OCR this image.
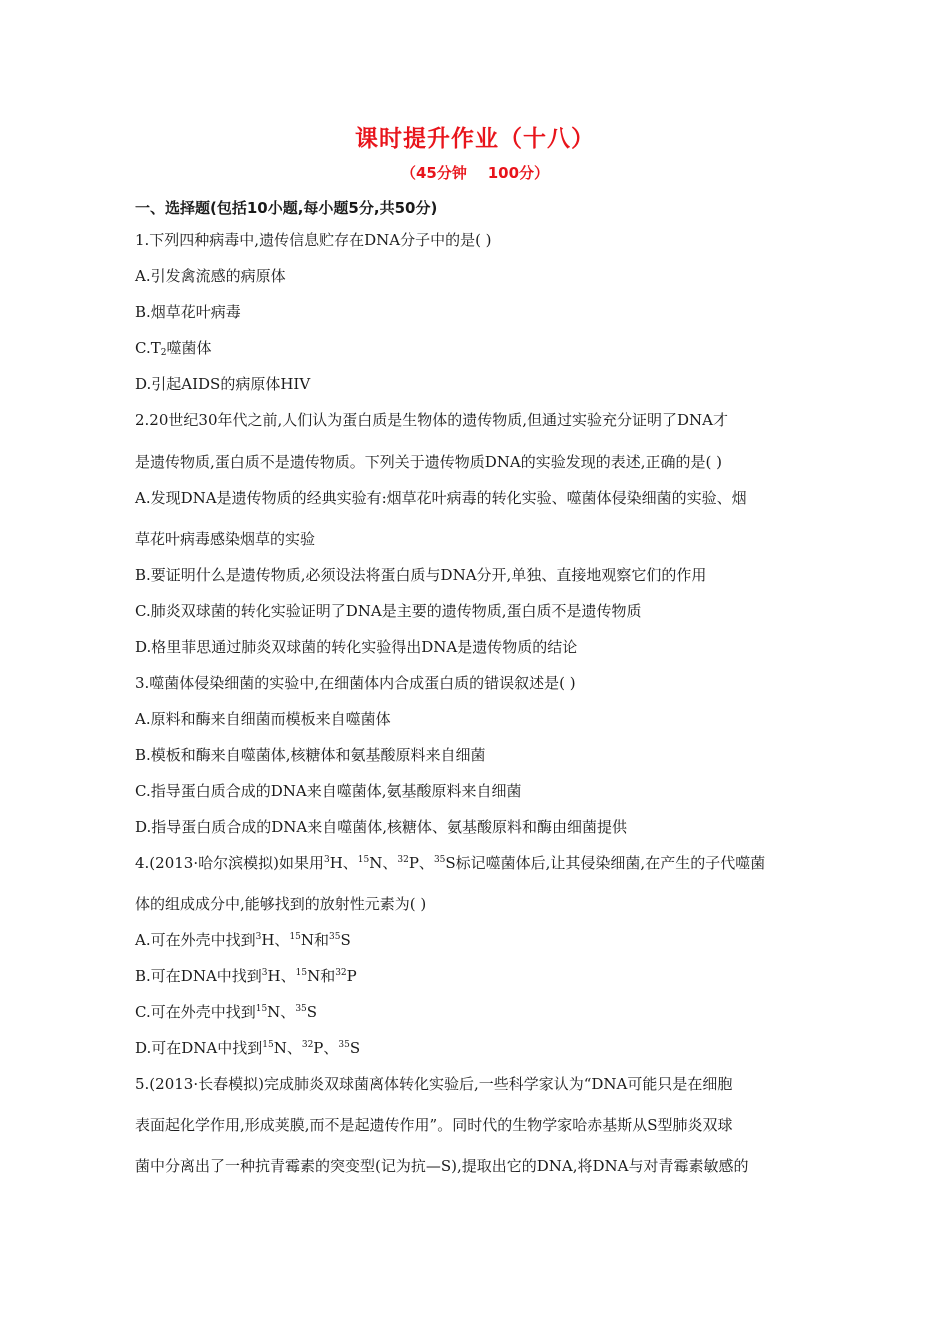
课时提升作业（十八）
（45分钟    100分）
一、选择题(包括10小题,每小题5分,共50分)
1.下列四种病毒中,遗传信息贮存在DNA分子中的是( )
A.引发禽流感的病原体
B.烟草花叶病毒
$C.T_2$噬菌体
D.引起AIDS的病原体HIV
2.20世纪30年代之前,人们认为蛋白质是生物体的遗传物质,但通过实验充分证明了DNA才
是遗传物质,蛋白质不是遗传物质。下列关于遗传物质DNA的实验发现的表述,正确的是( )
A.发现DNA是遗传物质的经典实验有:烟草花叶病毒的转化实验、噬菌体侵染细菌的实验、烟
草花叶病毒感染烟草的实验
B.要证明什么是遗传物质,必须设法将蛋白质与DNA分开,单独、直接地观察它们的作用
C.肺炎双球菌的转化实验证明了DNA是主要的遗传物质,蛋白质不是遗传物质
D.格里菲思通过肺炎双球菌的转化实验得出DNA是遗传物质的结论
3.噬菌体侵染细菌的实验中,在细菌体内合成蛋白质的错误叙述是( )
A.原料和酶来自细菌而模板来自噬菌体
B.模板和酶来自噬菌体,核糖体和氨基酸原料来自细菌
C.指导蛋白质合成的DNA来自噬菌体,氨基酸原料来自细菌
D.指导蛋白质合成的DNA来自噬菌体,核糖体、氨基酸原料和酶由细菌提供
4.(2013·哈尔滨模拟)如果用$^3$H、$^{15}$N、$^{32}$P、$^{35}$S标记噬菌体后,让其侵染细菌,在产生的子代噬菌
体的组成成分中,能够找到的放射性元素为( )
A.可在外壳中找到$^3$H、$^{15}$N和$^{35}$S
B.可在DNA中找到$^3$H、$^{15}$N和$^{32}$P
C.可在外壳中找到$^{15}$N、$^{35}$S
D.可在DNA中找到$^{15}$N、$^{32}$P、$^{35}$S
5.(2013·长春模拟)完成肺炎双球菌离体转化实验后,一些科学家认为“DNA可能只是在细胞
表面起化学作用,形成荚膜,而不是起遗传作用”。同时代的生物学家哈赤基斯从S型肺炎双球
菌中分离出了一种抗青霉素的突变型(记为抗—S),提取出它的DNA,将DNA与对青霉素敏感的
